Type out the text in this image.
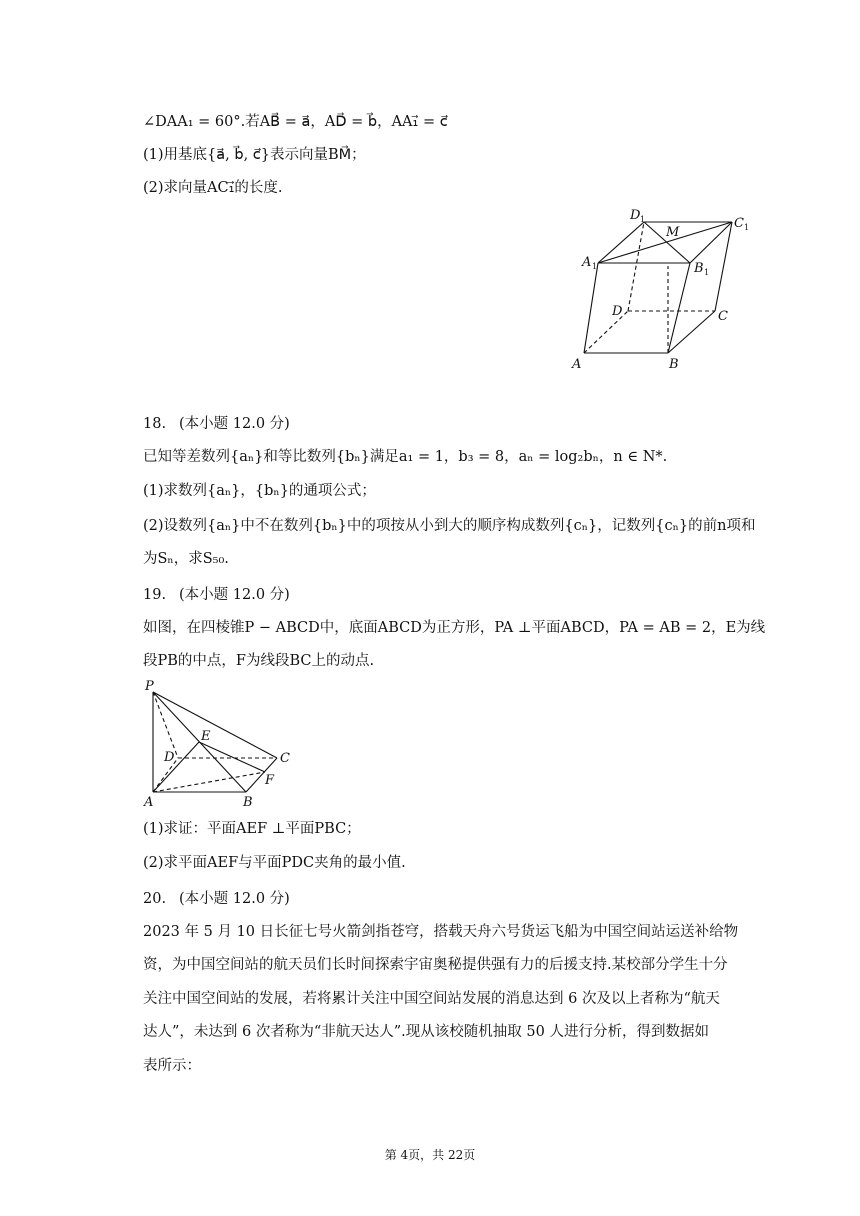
∠DAA₁ = 60°.若AB⃗ = a⃗，AD⃗ = b⃗，AA₁⃗ = c⃗
(1)用基底{a⃗, b⃗, c⃗}表示向量BM⃗；
(2)求向量AC₁⃗的长度.
A	B
C
D
A 1	B 1
C 1
D 1
M
18. (本小题 12.0 分)
已知等差数列{aₙ}和等比数列{bₙ}满足a₁ = 1，b₃ = 8，aₙ = log₂bₙ，n ∈ N*.
(1)求数列{aₙ}，{bₙ}的通项公式；
(2)设数列{aₙ}中不在数列{bₙ}中的项按从小到大的顺序构成数列{cₙ}，记数列{cₙ}的前n项和
为Sₙ，求S₅₀.
19. (本小题 12.0 分)
如图，在四棱锥P − ABCD中，底面ABCD为正方形，PA ⊥平面ABCD，PA = AB = 2，E为线
段PB的中点，F为线段BC上的动点.
P
A	B
C
D
E
F
(1)求证：平面AEF ⊥平面PBC；
(2)求平面AEF与平面PDC夹角的最小值.
20. (本小题 12.0 分)
2023 年 5 月 10 日长征七号火箭剑指苍穹，搭载天舟六号货运飞船为中国空间站运送补给物
资，为中国空间站的航天员们长时间探索宇宙奥秘提供强有力的后援支持.某校部分学生十分
关注中国空间站的发展，若将累计关注中国空间站发展的消息达到 6 次及以上者称为“航天
达人”，未达到 6 次者称为“非航天达人”.现从该校随机抽取 50 人进行分析，得到数据如
表所示：
第 4页，共 22页
